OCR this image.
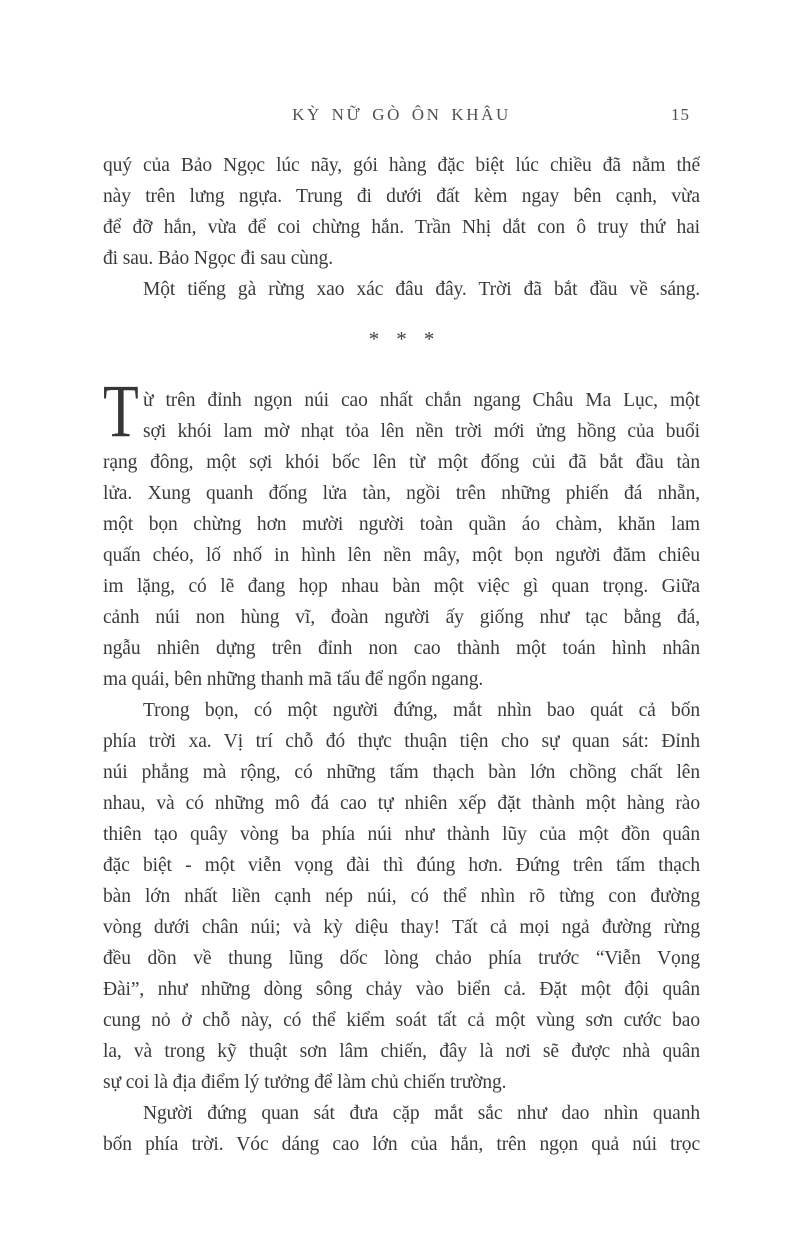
KỲ NỮ GÒ ÔN KHÂU	15
quý của Bảo Ngọc lúc nãy, gói hàng đặc biệt lúc chiều đã nằm thế
này trên lưng ngựa. Trung đi dưới đất kèm ngay bên cạnh, vừa
để đỡ hắn, vừa để coi chừng hắn. Trần Nhị dắt con ô truy thứ hai
đi sau. Bảo Ngọc đi sau cùng.
Một tiếng gà rừng xao xác đâu đây. Trời đã bắt đầu về sáng.
* * *
T ừ trên đỉnh ngọn núi cao nhất chắn ngang Châu Ma Lục, một
sợi khói lam mờ nhạt tỏa lên nền trời mới ửng hồng của buổi
rạng đông, một sợi khói bốc lên từ một đống củi đã bắt đầu tàn
lửa. Xung quanh đống lửa tàn, ngồi trên những phiến đá nhẵn,
một bọn chừng hơn mười người toàn quần áo chàm, khăn lam
quấn chéo, lố nhố in hình lên nền mây, một bọn người đăm chiêu
im lặng, có lẽ đang họp nhau bàn một việc gì quan trọng. Giữa
cảnh núi non hùng vĩ, đoàn người ấy giống như tạc bằng đá,
ngẫu nhiên dựng trên đỉnh non cao thành một toán hình nhân
ma quái, bên những thanh mã tấu để ngổn ngang.
Trong bọn, có một người đứng, mắt nhìn bao quát cả bốn
phía trời xa. Vị trí chỗ đó thực thuận tiện cho sự quan sát: Đỉnh
núi phẳng mà rộng, có những tấm thạch bàn lớn chồng chất lên
nhau, và có những mô đá cao tự nhiên xếp đặt thành một hàng rào
thiên tạo quây vòng ba phía núi như thành lũy của một đồn quân
đặc biệt - một viễn vọng đài thì đúng hơn. Đứng trên tấm thạch
bàn lớn nhất liền cạnh nép núi, có thể nhìn rõ từng con đường
vòng dưới chân núi; và kỳ diệu thay! Tất cả mọi ngả đường rừng
đều dồn về thung lũng dốc lòng chảo phía trước “Viễn Vọng
Đài”, như những dòng sông chảy vào biển cả. Đặt một đội quân
cung nỏ ở chỗ này, có thể kiểm soát tất cả một vùng sơn cước bao
la, và trong kỹ thuật sơn lâm chiến, đây là nơi sẽ được nhà quân
sự coi là địa điểm lý tưởng để làm chủ chiến trường.
Người đứng quan sát đưa cặp mắt sắc như dao nhìn quanh
bốn phía trời. Vóc dáng cao lớn của hắn, trên ngọn quả núi trọc
